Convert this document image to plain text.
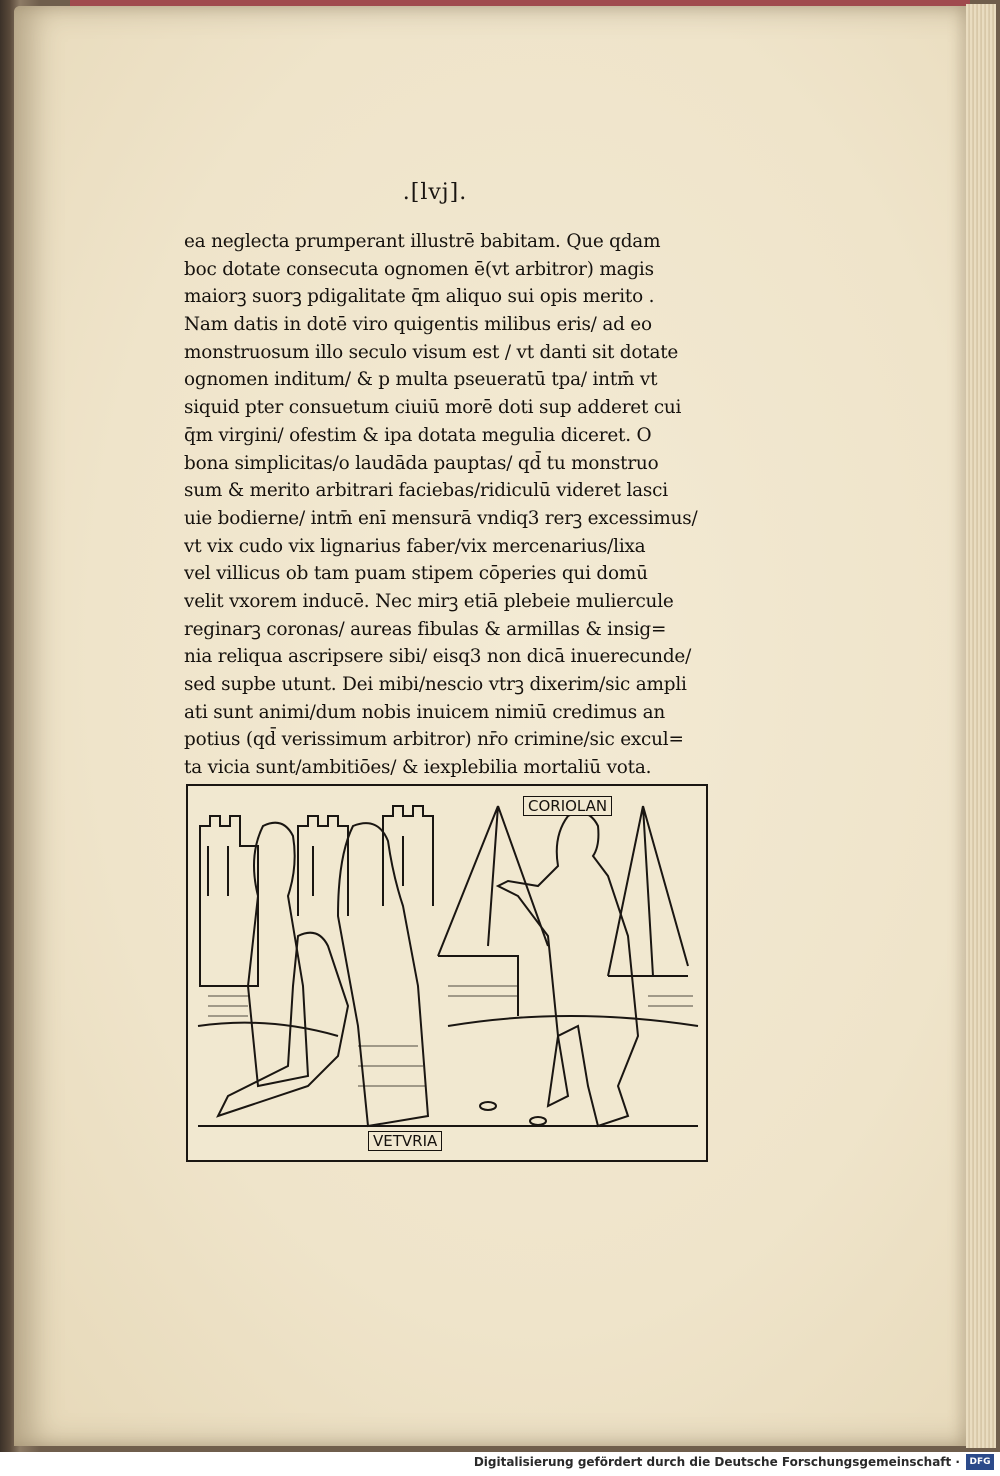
.[lvj].
ea neglecta prumperant illustrē babitam. Que qdam
boc dotate consecuta ognomen ē(vt arbitror) magis
maiorꝫ suorꝫ pdigalitate q̄m aliquo sui opis merito .
Nam datis in dotē viro quigentis milibus eris/ ad eo
monstruosum illo seculo visum est / vt danti sit dotate
ognomen inditum/ & p multa pseueratū tpa/ intm̄ vt
siquid pter consuetum ciuiū morē doti sup adderet cui
q̄m virgini/ ofestim & ipa dotata megulia diceret. O
bona simplicitas/o laudāda pauptas/ qd̄ tu monstruo
sum & merito arbitrari faciebas/ridiculū videret lasci
uie bodierne/ intm̄ enī mensurā vndiq3 rerꝫ excessimus/
vt vix cudo vix lignarius faber/vix mercenarius/lixa
vel villicus ob tam puam stipem cōperies qui domū
velit vxorem inducē. Nec mirꝫ etiā plebeie muliercule
reginarꝫ coronas/ aureas fibulas & armillas & insig=
nia reliqua ascripsere sibi/ eisq3 non dicā inuerecunde/
sed supbe utunt. Dei mibi/nescio vtrꝫ dixerim/sic ampli
ati sunt animi/dum nobis inuicem nimiū credimus an
potius (qd̄ verissimum arbitror) nr̄o crimine/sic excul=
ta vicia sunt/ambitiōes/ & iexplebilia mortaliū vota.
CORIOLAN
VETVRIA
Digitalisierung gefördert durch die Deutsche Forschungsgemeinschaft ·	DFG
